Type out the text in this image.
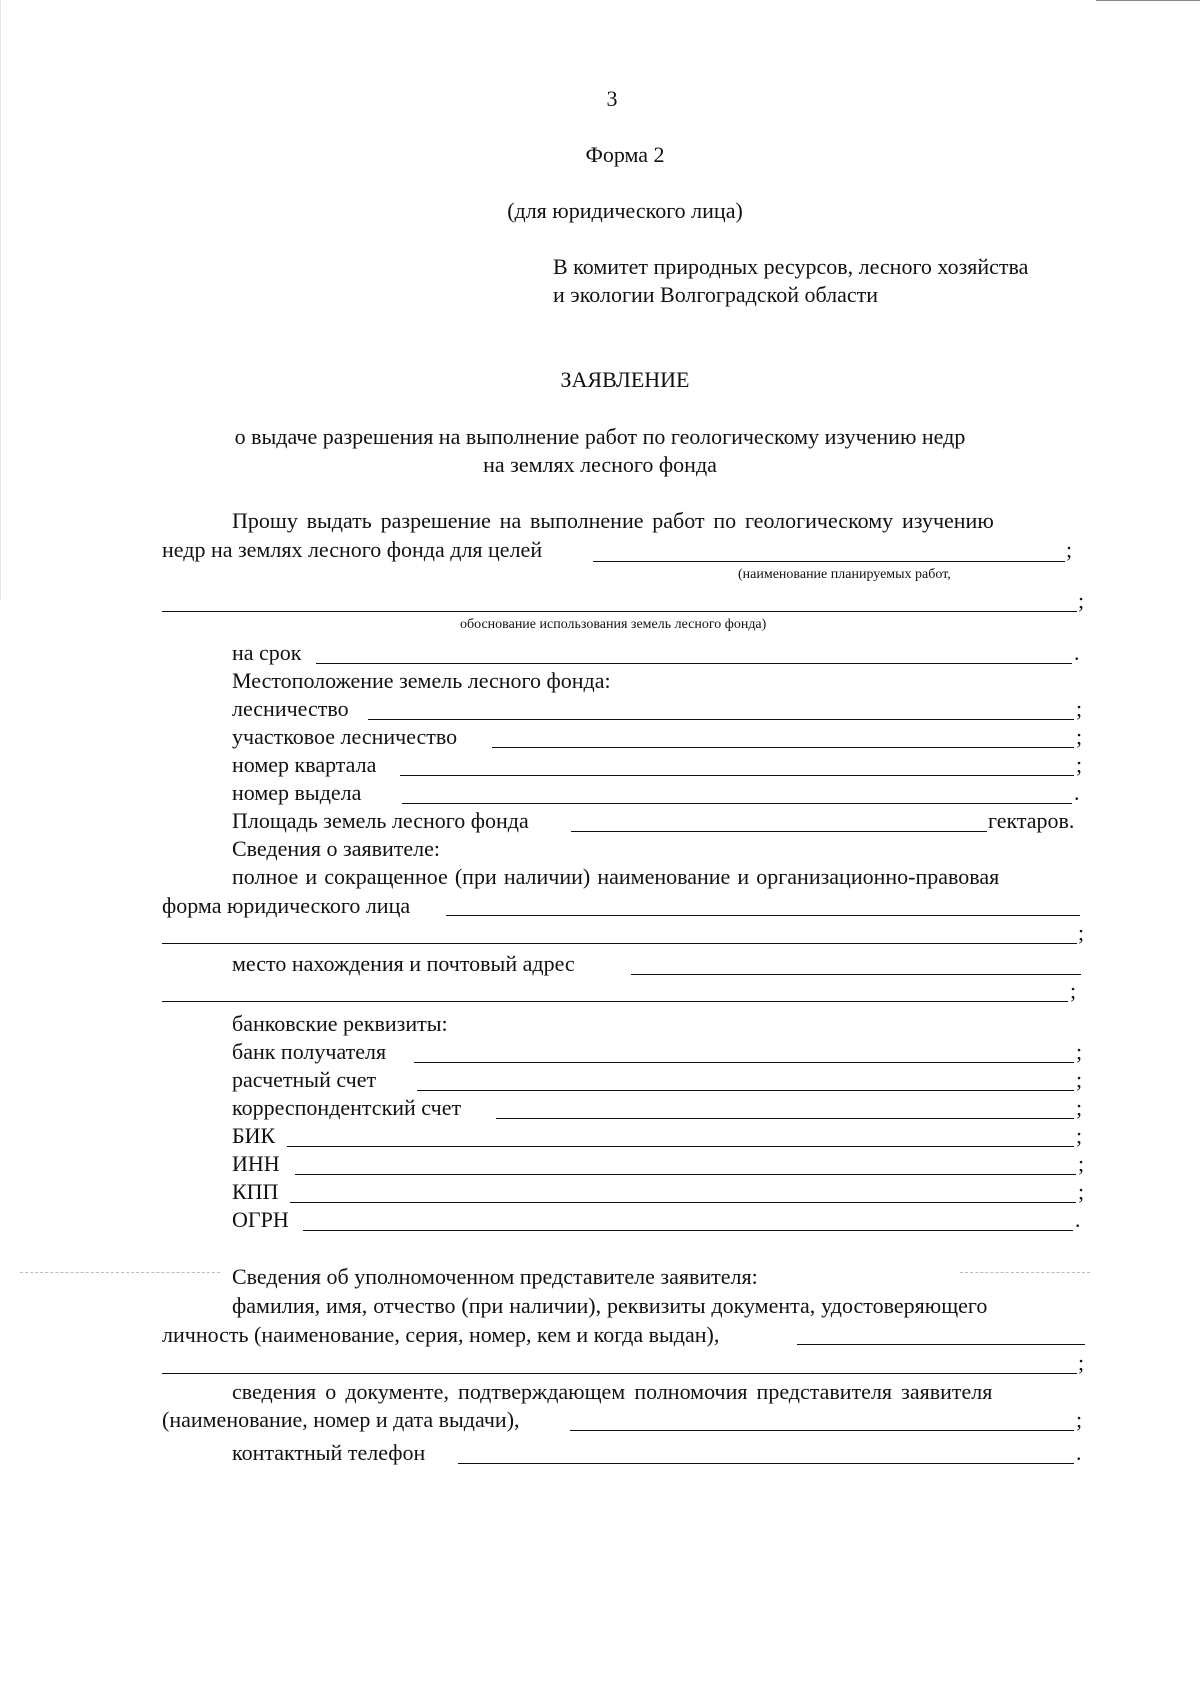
3
Форма 2
(для юридического лица)
В комитет природных ресурсов, лесного хозяйства
и экологии Волгоградской области
ЗАЯВЛЕНИЕ
о выдаче разрешения на выполнение работ по геологическому изучению недр
на землях лесного фонда
Прошу выдать разрешение на выполнение работ по геологическому изучению
недр на землях лесного фонда для целей	;
(наименование планируемых работ,
;
обоснование использования земель лесного фонда)
на срок	.
Местоположение земель лесного фонда:
лесничество	;
участковое лесничество	;
номер квартала	;
номер выдела	.
Площадь земель лесного фонда	гектаров.
Сведения о заявителе:
полное и сокращенное (при наличии) наименование и организационно-правовая
форма юридического лица
;
место нахождения и почтовый адрес
;
банковские реквизиты:
банк получателя	;
расчетный счет	;
корреспондентский счет	;
БИК	;
ИНН	;
КПП	;
ОГРН	.
Сведения об уполномоченном представителе заявителя:
фамилия, имя, отчество (при наличии), реквизиты документа, удостоверяющего
личность (наименование, серия, номер, кем и когда выдан),
;
сведения о документе, подтверждающем полномочия представителя заявителя
(наименование, номер и дата выдачи),	;
контактный телефон	.
